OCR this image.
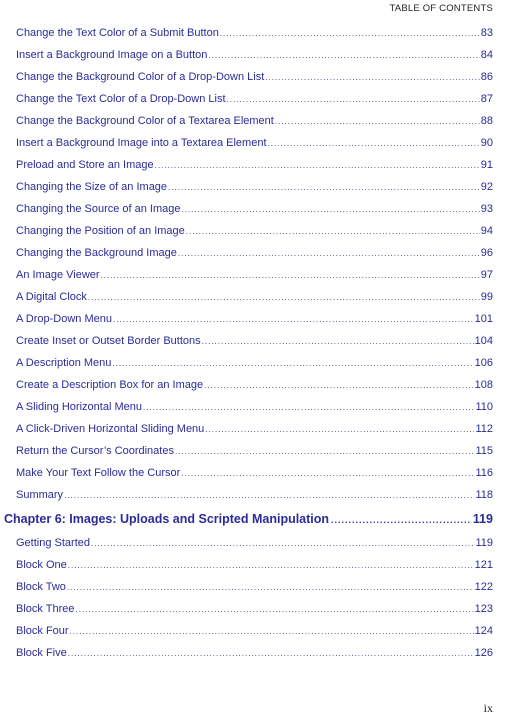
TABLE OF CONTENTS
Change the Text Color of a Submit Button .....	83
Insert a Background Image on a Button .....	84
Change the Background Color of a Drop-Down List .....	86
Change the Text Color of a Drop-Down List .....	87
Change the Background Color of a Textarea Element .....	88
Insert a Background Image into a Textarea Element .....	90
Preload and Store an Image .....	91
Changing the Size of an Image .....	92
Changing the Source of an Image .....	93
Changing the Position of an Image .....	94
Changing the Background Image .....	96
An Image Viewer .....	97
A Digital Clock .....	99
A Drop-Down Menu .....	101
Create Inset or Outset Border Buttons .....	104
A Description Menu .....	106
Create a Description Box for an Image .....	108
A Sliding Horizontal Menu .....	110
A Click-Driven Horizontal Sliding Menu .....	112
Return the Cursor’s Coordinates .....	115
Make Your Text Follow the Cursor .....	116
Summary .....	118
Chapter 6: Images: Uploads and Scripted Manipulation .....	119
Getting Started .....	119
Block One .....	121
Block Two .....	122
Block Three .....	123
Block Four .....	124
Block Five .....	126
ix
